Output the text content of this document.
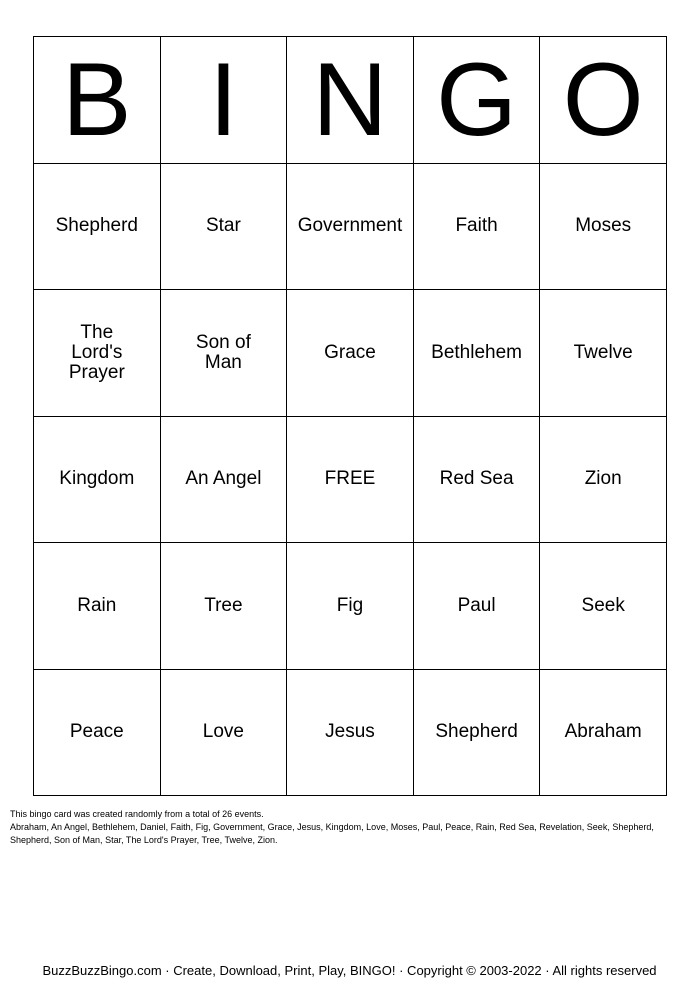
B	I	N	G	O
Shepherd	Star	Government	Faith	Moses
The Lord's Prayer	Son of Man	Grace	Bethlehem	Twelve
Kingdom	An Angel	FREE	Red Sea	Zion
Rain	Tree	Fig	Paul	Seek
Peace	Love	Jesus	Shepherd	Abraham
This bingo card was created randomly from a total of 26 events.
Abraham, An Angel, Bethlehem, Daniel, Faith, Fig, Government, Grace, Jesus, Kingdom, Love, Moses, Paul, Peace, Rain, Red Sea, Revelation, Seek, Shepherd, Shepherd, Son of Man, Star, The Lord's Prayer, Tree, Twelve, Zion.
BuzzBuzzBingo.com · Create, Download, Print, Play, BINGO! · Copyright © 2003-2022 · All rights reserved
